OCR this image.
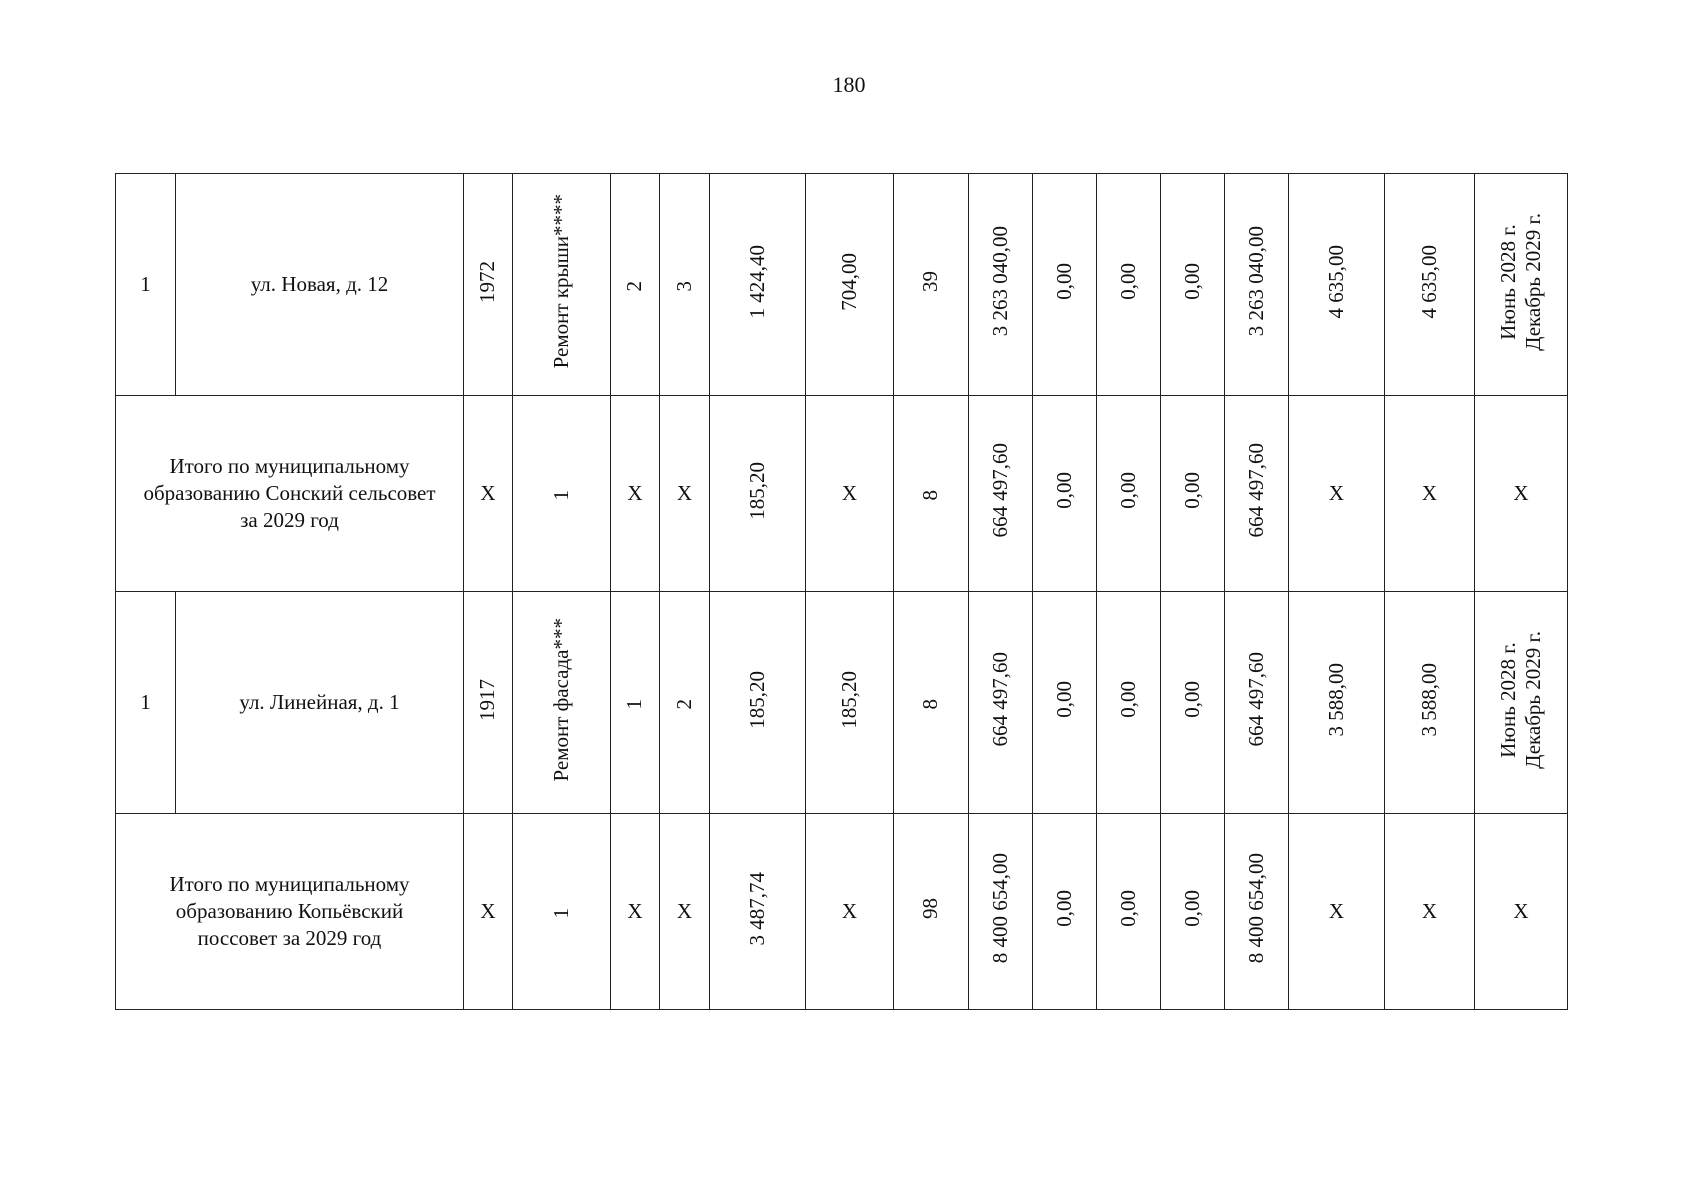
180
1	ул. Новая, д. 12	1972	Ремонт крыши****	2	3	1 424,40	704,00	39	3 263 040,00	0,00	0,00	0,00	3 263 040,00	4 635,00	4 635,00	Июнь 2028 г.
Декабрь 2029 г.
Итого по муниципальному
образованию Сонский сельсовет
за 2029 год		X	1	X	X	185,20	X	8	664 497,60	0,00	0,00	0,00	664 497,60	X	X	X
1	ул. Линейная, д. 1	1917	Ремонт фасада***	1	2	185,20	185,20	8	664 497,60	0,00	0,00	0,00	664 497,60	3 588,00	3 588,00	Июнь 2028 г.
Декабрь 2029 г.
Итого по муниципальному
образованию Копьёвский
поссовет за 2029 год		X	1	X	X	3 487,74	X	98	8 400 654,00	0,00	0,00	0,00	8 400 654,00	X	X	X
